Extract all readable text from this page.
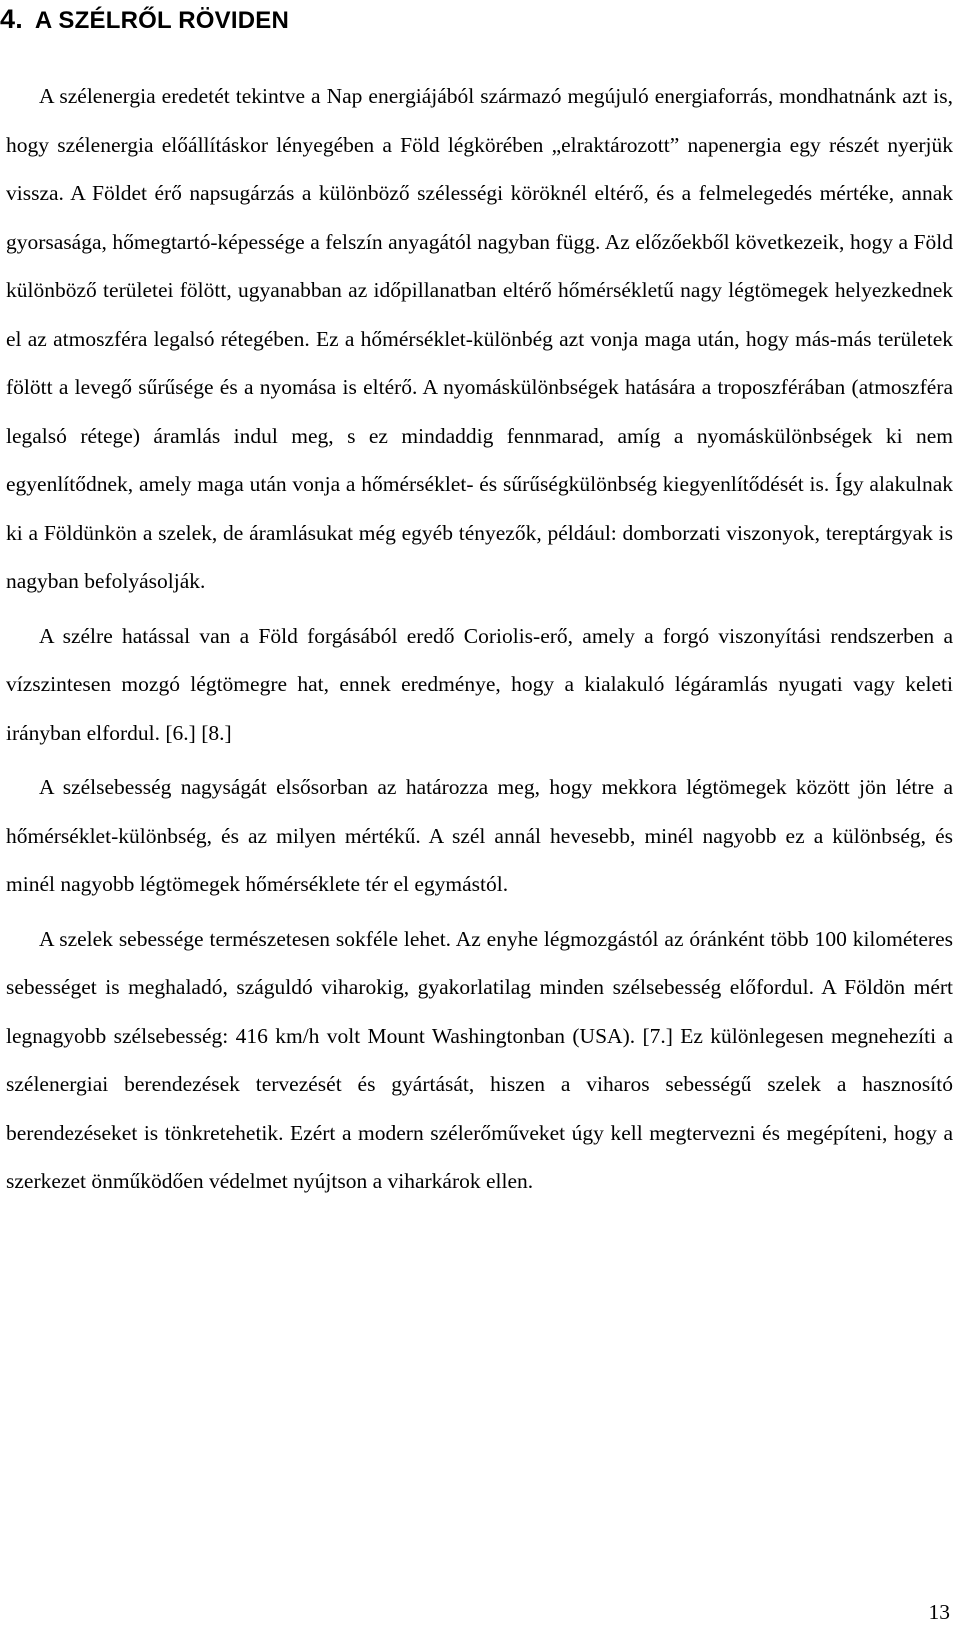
4. A SZÉLRŐL RÖVIDEN

A szélenergia eredetét tekintve a Nap energiájából származó megújuló energiaforrás, mondhatnánk azt is, hogy szélenergia előállításkor lényegében a Föld légkörében „elraktározott” napenergia egy részét nyerjük vissza. A Földet érő napsugárzás a különböző szélességi köröknél eltérő, és a felmelegedés mértéke, annak gyorsasága, hőmegtartó-képessége a felszín anyagától nagyban függ. Az előzőekből következeik, hogy a Föld különböző területei fölött, ugyanabban az időpillanatban eltérő hőmérsékletű nagy légtömegek helyezkednek el az atmoszféra legalsó rétegében. Ez a hőmérséklet-különbég azt vonja maga után, hogy más-más területek fölött a levegő sűrűsége és a nyomása is eltérő. A nyomáskülönbségek hatására a troposzférában (atmoszféra legalsó rétege) áramlás indul meg, s ez mindaddig fennmarad, amíg a nyomáskülönbségek ki nem egyenlítődnek, amely maga után vonja a hőmérséklet- és sűrűségkülönbség kiegyenlítődését is. Így alakulnak ki a Földünkön a szelek, de áramlásukat még egyéb tényezők, például: domborzati viszonyok, tereptárgyak is nagyban befolyásolják.

A szélre hatással van a Föld forgásából eredő Coriolis-erő, amely a forgó viszonyítási rendszerben a vízszintesen mozgó légtömegre hat, ennek eredménye, hogy a kialakuló légáramlás nyugati vagy keleti irányban elfordul. [6.] [8.]

A szélsebesség nagyságát elsősorban az határozza meg, hogy mekkora légtömegek között jön létre a hőmérséklet-különbség, és az milyen mértékű. A szél annál hevesebb, minél nagyobb ez a különbség, és minél nagyobb légtömegek hőmérséklete tér el egymástól.

A szelek sebessége természetesen sokféle lehet. Az enyhe légmozgástól az óránként több 100 kilométeres sebességet is meghaladó, száguldó viharokig, gyakorlatilag minden szélsebesség előfordul. A Földön mért legnagyobb szélsebesség: 416 km/h volt Mount Washingtonban (USA). [7.] Ez különlegesen megnehezíti a szélenergiai berendezések tervezését és gyártását, hiszen a viharos sebességű szelek a hasznosító berendezéseket is tönkretehetik. Ezért a modern szélerőműveket úgy kell megtervezni és megépíteni, hogy a szerkezet önműködően védelmet nyújtson a viharkárok ellen.

13
